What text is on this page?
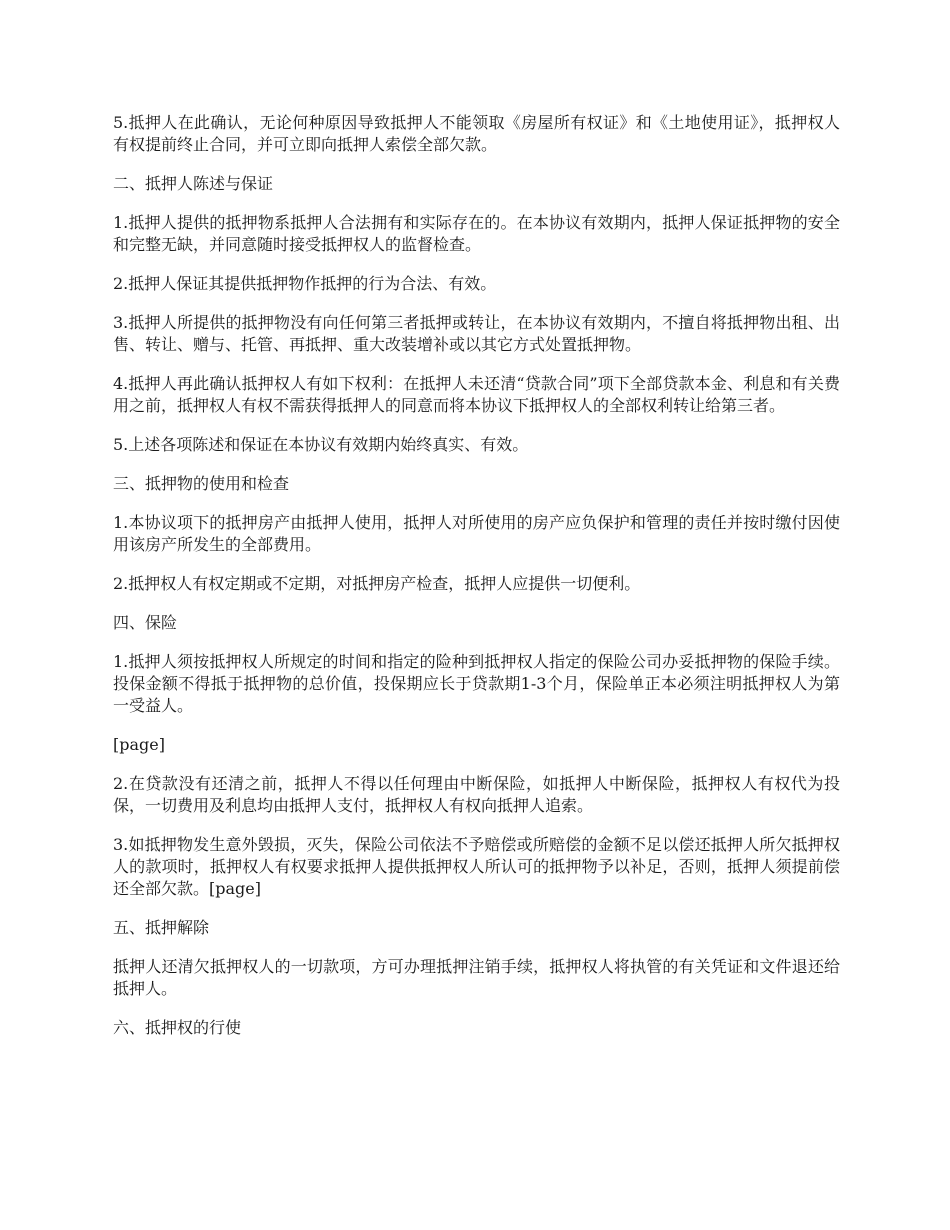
5.抵押人在此确认，无论何种原因导致抵押人不能领取《房屋所有权证》和《土地使用证》，抵押权人有权提前终止合同，并可立即向抵押人索偿全部欠款。

二、抵押人陈述与保证

1.抵押人提供的抵押物系抵押人合法拥有和实际存在的。在本协议有效期内，抵押人保证抵押物的安全和完整无缺，并同意随时接受抵押权人的监督检查。

2.抵押人保证其提供抵押物作抵押的行为合法、有效。

3.抵押人所提供的抵押物没有向任何第三者抵押或转让，在本协议有效期内，不擅自将抵押物出租、出售、转让、赠与、托管、再抵押、重大改装增补或以其它方式处置抵押物。

4.抵押人再此确认抵押权人有如下权利：在抵押人未还清“贷款合同”项下全部贷款本金、利息和有关费用之前，抵押权人有权不需获得抵押人的同意而将本协议下抵押权人的全部权利转让给第三者。

5.上述各项陈述和保证在本协议有效期内始终真实、有效。

三、抵押物的使用和检查

1.本协议项下的抵押房产由抵押人使用，抵押人对所使用的房产应负保护和管理的责任并按时缴付因使用该房产所发生的全部费用。

2.抵押权人有权定期或不定期，对抵押房产检查，抵押人应提供一切便利。

四、保险

1.抵押人须按抵押权人所规定的时间和指定的险种到抵押权人指定的保险公司办妥抵押物的保险手续。投保金额不得抵于抵押物的总价值，投保期应长于贷款期1-3个月，保险单正本必须注明抵押权人为第一受益人。

[page]

2.在贷款没有还清之前，抵押人不得以任何理由中断保险，如抵押人中断保险，抵押权人有权代为投保，一切费用及利息均由抵押人支付，抵押权人有权向抵押人追索。

3.如抵押物发生意外毁损，灭失，保险公司依法不予赔偿或所赔偿的金额不足以偿还抵押人所欠抵押权人的款项时，抵押权人有权要求抵押人提供抵押权人所认可的抵押物予以补足，否则，抵押人须提前偿还全部欠款。[page]

五、抵押解除

抵押人还清欠抵押权人的一切款项，方可办理抵押注销手续，抵押权人将执管的有关凭证和文件退还给抵押人。

六、抵押权的行使
